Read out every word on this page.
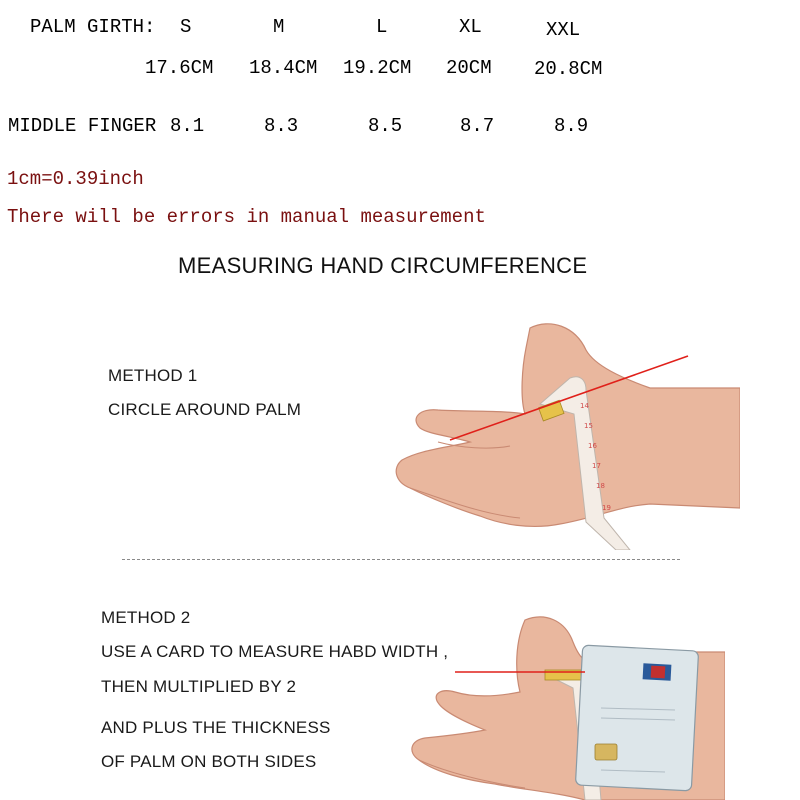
PALM GIRTH: S	M	L	XL	XXL
17.6CM 18.4CM 19.2CM 20CM 20.8CM
MIDDLE FINGER 8.1	8.3	8.5	8.7	8.9
1cm=0.39inch
There will be errors in manual measurement
MEASURING HAND CIRCUMFERENCE
METHOD 1
CIRCLE AROUND PALM	14
15
16
17
18
19
METHOD 2
USE A CARD TO MEASURE HABD WIDTH ,
THEN MULTIPLIED BY 2
AND PLUS THE THICKNESS
OF PALM ON BOTH SIDES
